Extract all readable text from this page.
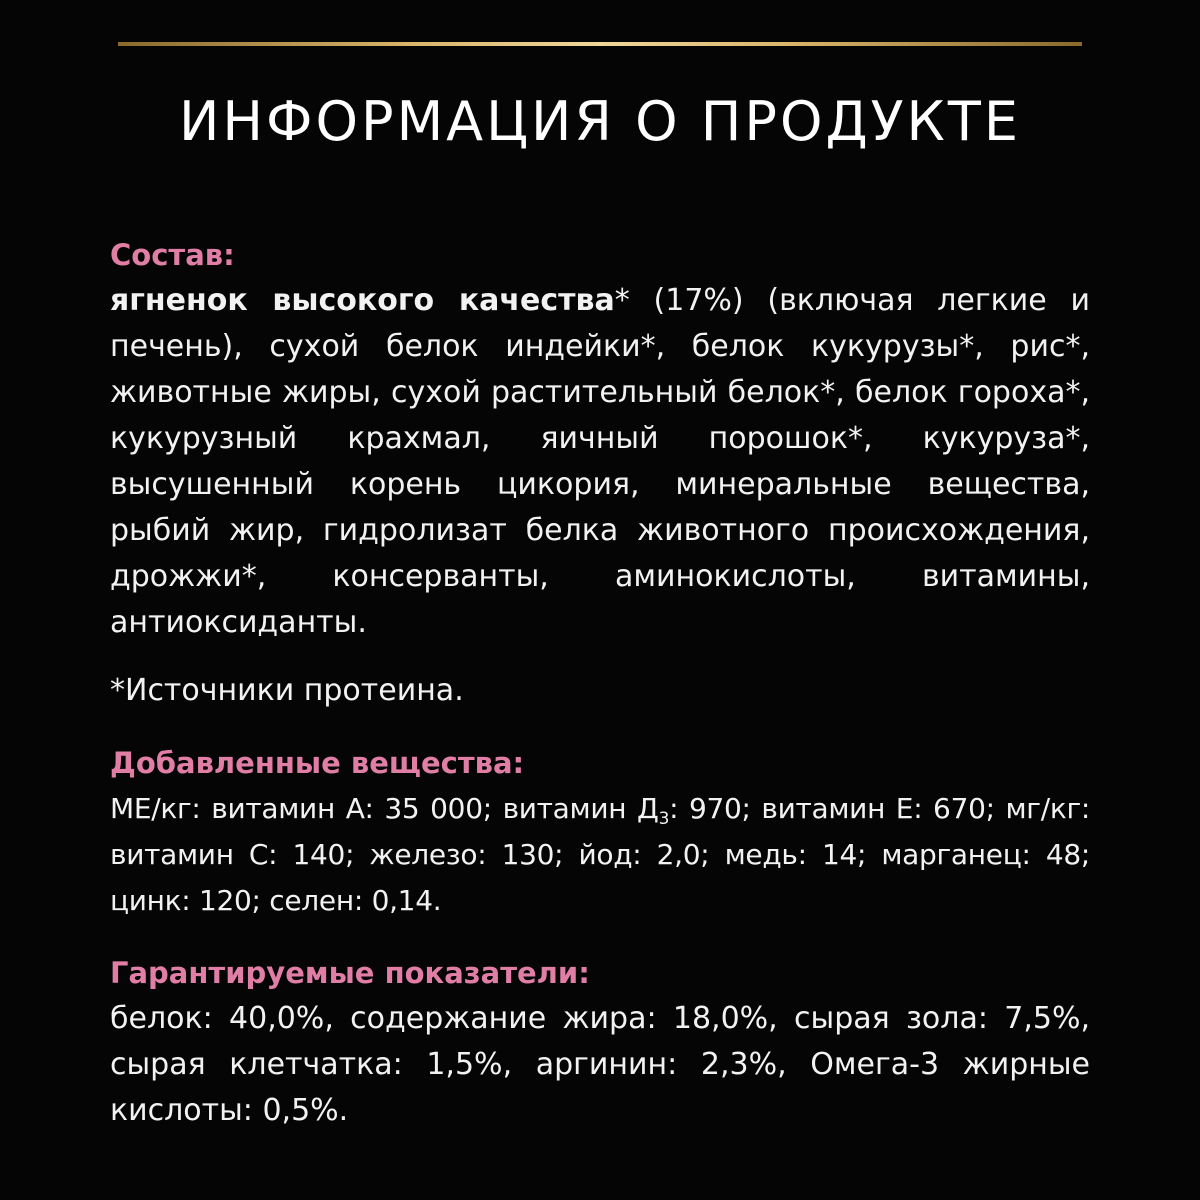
ИНФОРМАЦИЯ О ПРОДУКТЕ

Состав:

ягненок высокого качества* (17%) (включая легкие и печень), сухой белок индейки*, белок кукурузы*, рис*, животные жиры, сухой растительный белок*, белок гороха*, кукурузный крахмал, яичный порошок*, кукуруза*, высушенный корень цикория, минеральные вещества, рыбий жир, гидролизат белка животного происхождения, дрожжи*, консерванты, аминокислоты, витамины, антиоксиданты.

*Источники протеина.

Добавленные вещества:

МЕ/кг: витамин А: 35 000; витамин $Д_3$: 970; витамин Е: 670; мг/кг: витамин С: 140; железо: 130; йод: 2,0; медь: 14; марганец: 48; цинк: 120; селен: 0,14.

Гарантируемые показатели:

белок: 40,0%, содержание жира: 18,0%, сырая зола: 7,5%, сырая клетчатка: 1,5%, аргинин: 2,3%, Омега-3 жирные кислоты: 0,5%.
